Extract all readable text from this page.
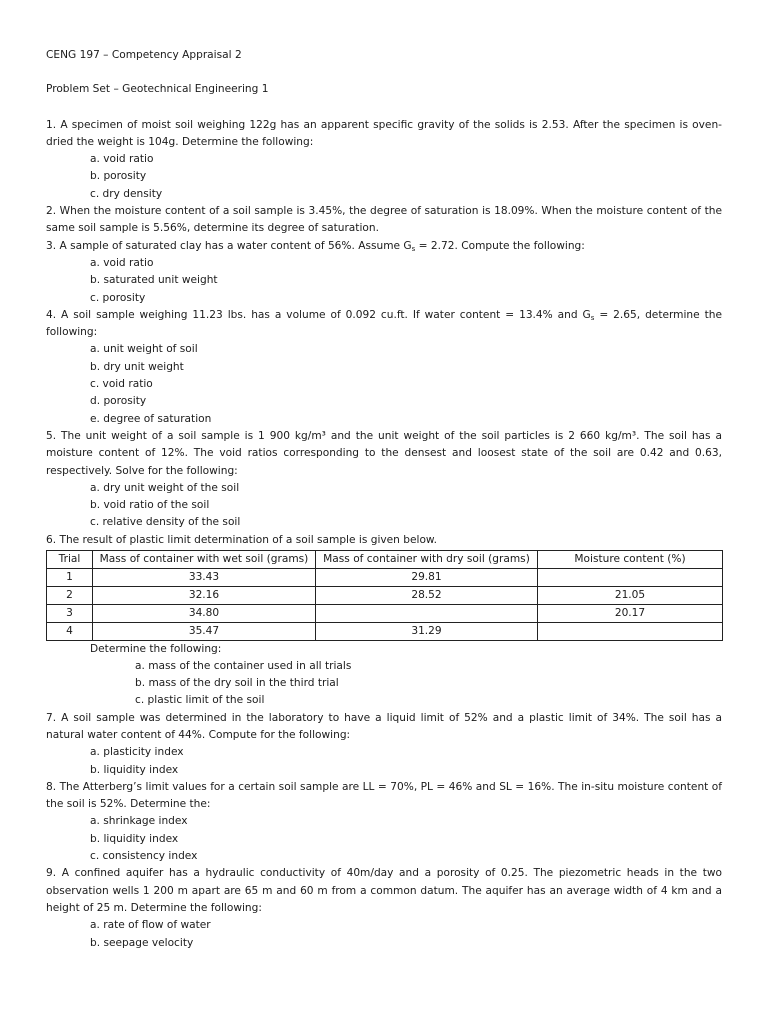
CENG 197 – Competency Appraisal 2

Problem Set – Geotechnical Engineering 1

1. A specimen of moist soil weighing 122g has an apparent specific gravity of the solids is 2.53. After the specimen is oven-dried the weight is 104g. Determine the following:

a. void ratio
b. porosity
c. dry density

2. When the moisture content of a soil sample is 3.45%, the degree of saturation is 18.09%. When the moisture content of the same soil sample is 5.56%, determine its degree of saturation.

3. A sample of saturated clay has a water content of 56%. Assume $G_s = 2.72$. Compute the following:

a. void ratio
b. saturated unit weight
c. porosity

4. A soil sample weighing 11.23 lbs. has a volume of 0.092 cu.ft. If water content = 13.4% and $G_s = 2.65$, determine the following:

a. unit weight of soil
b. dry unit weight
c. void ratio
d. porosity
e. degree of saturation

5. The unit weight of a soil sample is 1 900 kg/m³ and the unit weight of the soil particles is 2 660 kg/m³. The soil has a moisture content of 12%. The void ratios corresponding to the densest and loosest state of the soil are 0.42 and 0.63, respectively. Solve for the following:

a. dry unit weight of the soil
b. void ratio of the soil
c. relative density of the soil

6. The result of plastic limit determination of a soil sample is given below.

Trial	Mass of container with wet soil (grams)	Mass of container with dry soil (grams)	Moisture content (%)
1	33.43	29.81	
2	32.16	28.52	21.05
3	34.80		20.17
4	35.47	31.29	

Determine the following:

a. mass of the container used in all trials
b. mass of the dry soil in the third trial
c. plastic limit of the soil

7. A soil sample was determined in the laboratory to have a liquid limit of 52% and a plastic limit of 34%. The soil has a natural water content of 44%. Compute for the following:

a. plasticity index
b. liquidity index

8. The Atterberg’s limit values for a certain soil sample are LL = 70%, PL = 46% and SL = 16%. The in-situ moisture content of the soil is 52%. Determine the:

a. shrinkage index
b. liquidity index
c. consistency index

9. A confined aquifer has a hydraulic conductivity of 40m/day and a porosity of 0.25. The piezometric heads in the two observation wells 1 200 m apart are 65 m and 60 m from a common datum. The aquifer has an average width of 4 km and a height of 25 m. Determine the following:

a. rate of flow of water
b. seepage velocity
